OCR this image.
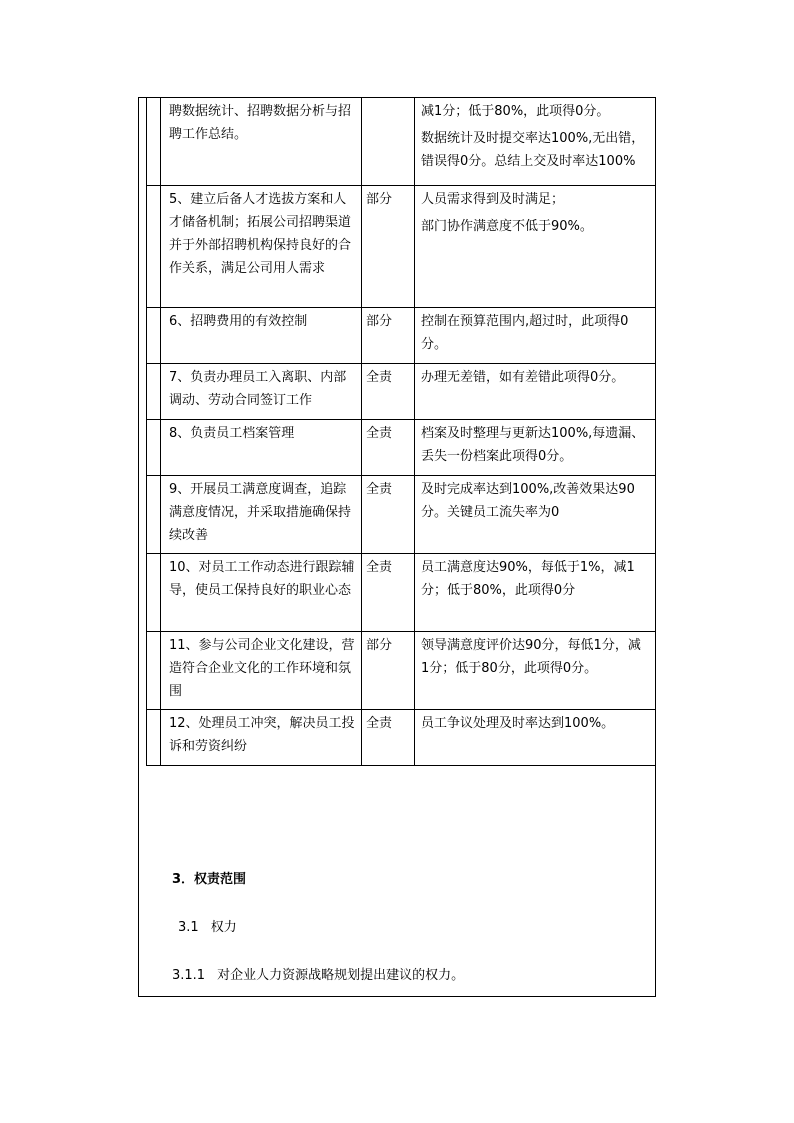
	聘数据统计、招聘数据分析与招聘工作总结。		减1分；低于80%，此项得0分。
数据统计及时提交率达100%,无出错，错误得0分。总结上交及时率达100%

	5、建立后备人才选拔方案和人才储备机制；拓展公司招聘渠道并于外部招聘机构保持良好的合作关系，满足公司用人需求	部分	人员需求得到及时满足；
部门协作满意度不低于90%。

	6、招聘费用的有效控制	部分	控制在预算范围内,超过时，此项得0分。

	7、负责办理员工入离职、内部调动、劳动合同签订工作	全责	办理无差错，如有差错此项得0分。

	8、负责员工档案管理	全责	档案及时整理与更新达100%,每遗漏、丢失一份档案此项得0分。

	9、开展员工满意度调查，追踪满意度情况，并采取措施确保持续改善	全责	及时完成率达到100%,改善效果达90分。关键员工流失率为0

	10、对员工工作动态进行跟踪辅导，使员工保持良好的职业心态	全责	员工满意度达90%，每低于1%，减1分；低于80%，此项得0分

	11、参与公司企业文化建设，营造符合企业文化的工作环境和氛围	部分	领导满意度评价达90分，每低1分，减1分；低于80分，此项得0分。

	12、处理员工冲突，解决员工投诉和劳资纠纷	全责	员工争议处理及时率达到100%。
3．权责范围
3.1 权力
3.1.1 对企业人力资源战略规划提出建议的权力。
